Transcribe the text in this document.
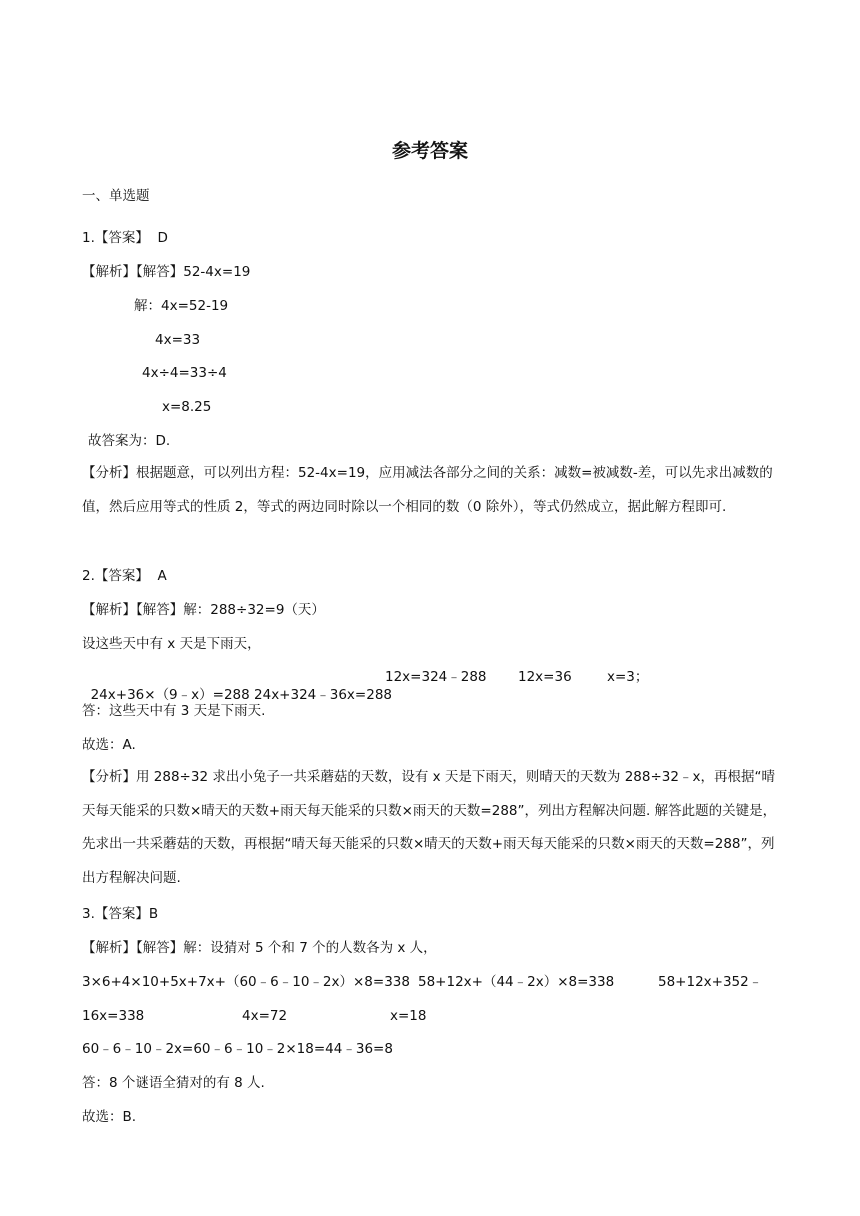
参考答案
一、单选题
1.【答案】  D
【解析】【解答】52-4x=19
解：4x=52-19
4x=33
4x÷4=33÷4
x=8.25
故答案为：D.
【分析】根据题意，可以列出方程：52-4x=19，应用减法各部分之间的关系：减数=被减数-差，可以先求出减数的值，然后应用等式的性质 2，等式的两边同时除以一个相同的数（0 除外），等式仍然成立，据此解方程即可.
2.【答案】  A
【解析】【解答】解：288÷32=9（天）
设这些天中有 x 天是下雨天，

24x+36×（9﹣x）=288 24x+324﹣36x=288

12x=324﹣288 12x=36	x=3；
答：这些天中有 3 天是下雨天.
故选：A.
【分析】用 288÷32 求出小兔子一共采蘑菇的天数，设有 x 天是下雨天，则晴天的天数为 288÷32﹣x，再根据“晴天每天能采的只数×晴天的天数+雨天每天能采的只数×雨天的天数=288”，列出方程解决问题. 解答此题的关键是，先求出一共采蘑菇的天数，再根据“晴天每天能采的只数×晴天的天数+雨天每天能采的只数×雨天的天数=288”，列出方程解决问题.
3.【答案】B
【解析】【解答】解：设猜对 5 个和 7 个的人数各为 x 人，
3×6+4×10+5x+7x+（60﹣6﹣10﹣2x）×8=338 58+12x+（44﹣2x）×8=338	58+12x+352﹣
16x=338	4x=72	x=18
60﹣6﹣10﹣2x=60﹣6﹣10﹣2×18=44﹣36=8
答：8 个谜语全猜对的有 8 人.
故选：B.
